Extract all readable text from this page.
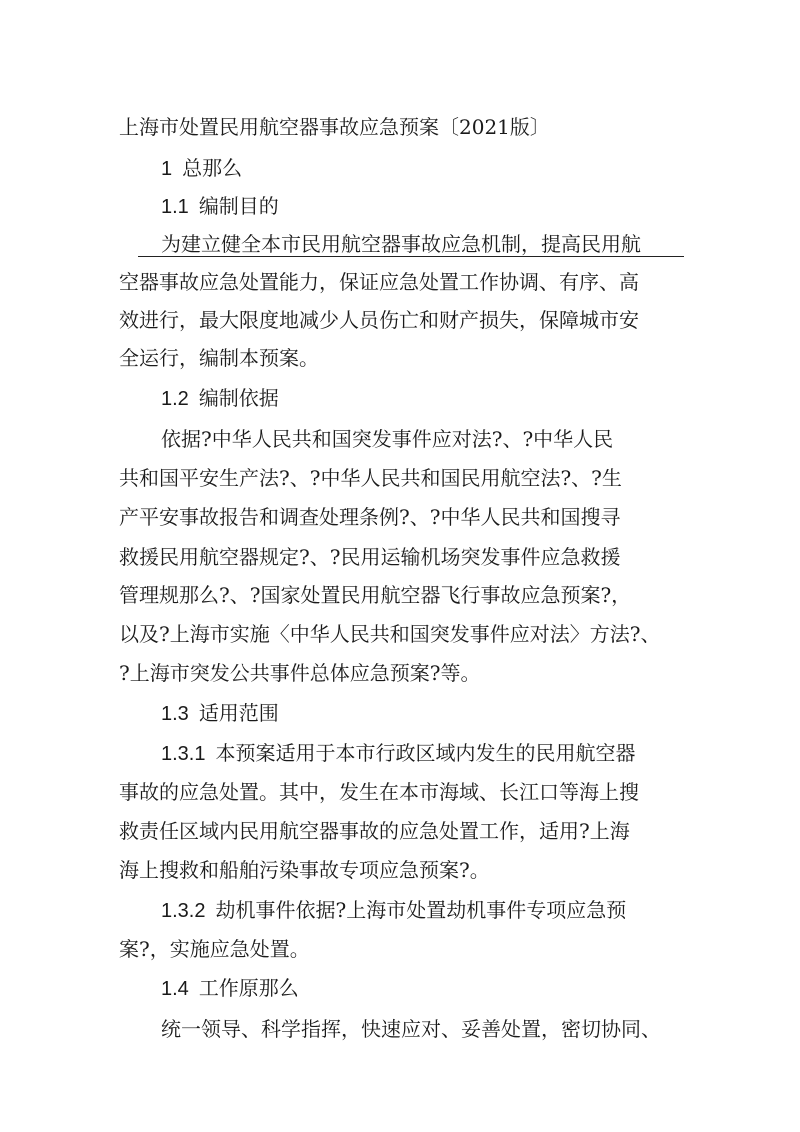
上海市处置民用航空器事故应急预案〔2021版〕
1 总那么
1.1 编制目的
为建立健全本市民用航空器事故应急机制，提高民用航
空器事故应急处置能力，保证应急处置工作协调、有序、高
效进行，最大限度地减少人员伤亡和财产损失，保障城市安
全运行，编制本预案。
1.2 编制依据
依据?中华人民共和国突发事件应对法?、?中华人民
共和国平安生产法?、?中华人民共和国民用航空法?、?生
产平安事故报告和调查处理条例?、?中华人民共和国搜寻
救援民用航空器规定?、?民用运输机场突发事件应急救援
管理规那么?、?国家处置民用航空器飞行事故应急预案?，
以及?上海市实施〈中华人民共和国突发事件应对法〉方法?、
?上海市突发公共事件总体应急预案?等。
1.3 适用范围
1.3.1 本预案适用于本市行政区域内发生的民用航空器
事故的应急处置。其中，发生在本市海域、长江口等海上搜
救责任区域内民用航空器事故的应急处置工作，适用?上海
海上搜救和船舶污染事故专项应急预案?。
1.3.2 劫机事件依据?上海市处置劫机事件专项应急预
案?，实施应急处置。
1.4 工作原那么
统一领导、科学指挥，快速应对、妥善处置，密切协同、
